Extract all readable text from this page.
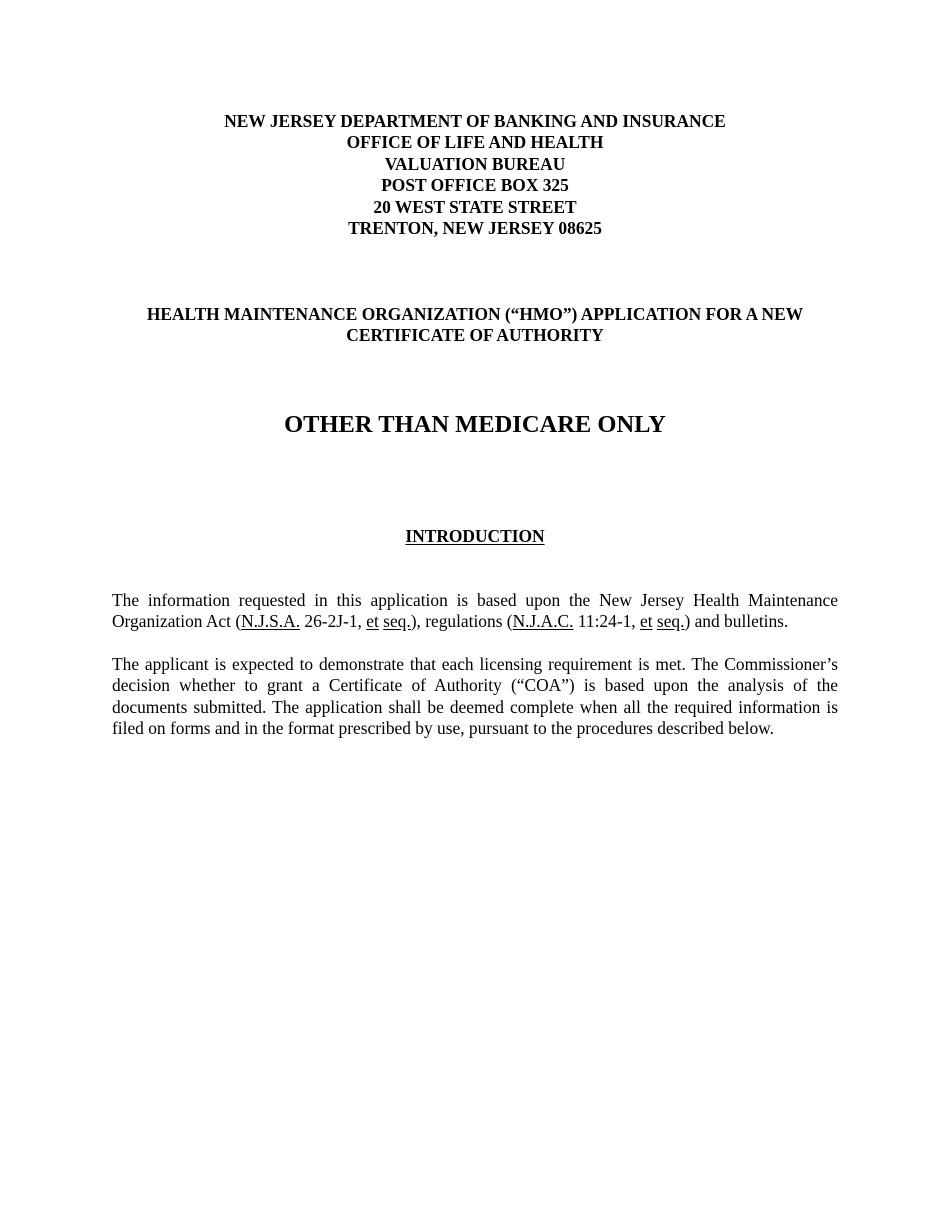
NEW JERSEY DEPARTMENT OF BANKING AND INSURANCE
OFFICE OF LIFE AND HEALTH
VALUATION BUREAU
POST OFFICE BOX 325
20 WEST STATE STREET
TRENTON, NEW JERSEY 08625
HEALTH MAINTENANCE ORGANIZATION (“HMO”) APPLICATION FOR A NEW
CERTIFICATE OF AUTHORITY
OTHER THAN MEDICARE ONLY
INTRODUCTION

The information requested in this application is based upon the New Jersey Health Maintenance Organization Act (N.J.S.A. 26-2J-1, et seq.), regulations (N.J.A.C. 11:24-1, et seq.) and bulletins.

The applicant is expected to demonstrate that each licensing requirement is met. The Commissioner’s decision whether to grant a Certificate of Authority (“COA”) is based upon the analysis of the documents submitted. The application shall be deemed complete when all the required information is filed on forms and in the format prescribed by use, pursuant to the procedures described below.
